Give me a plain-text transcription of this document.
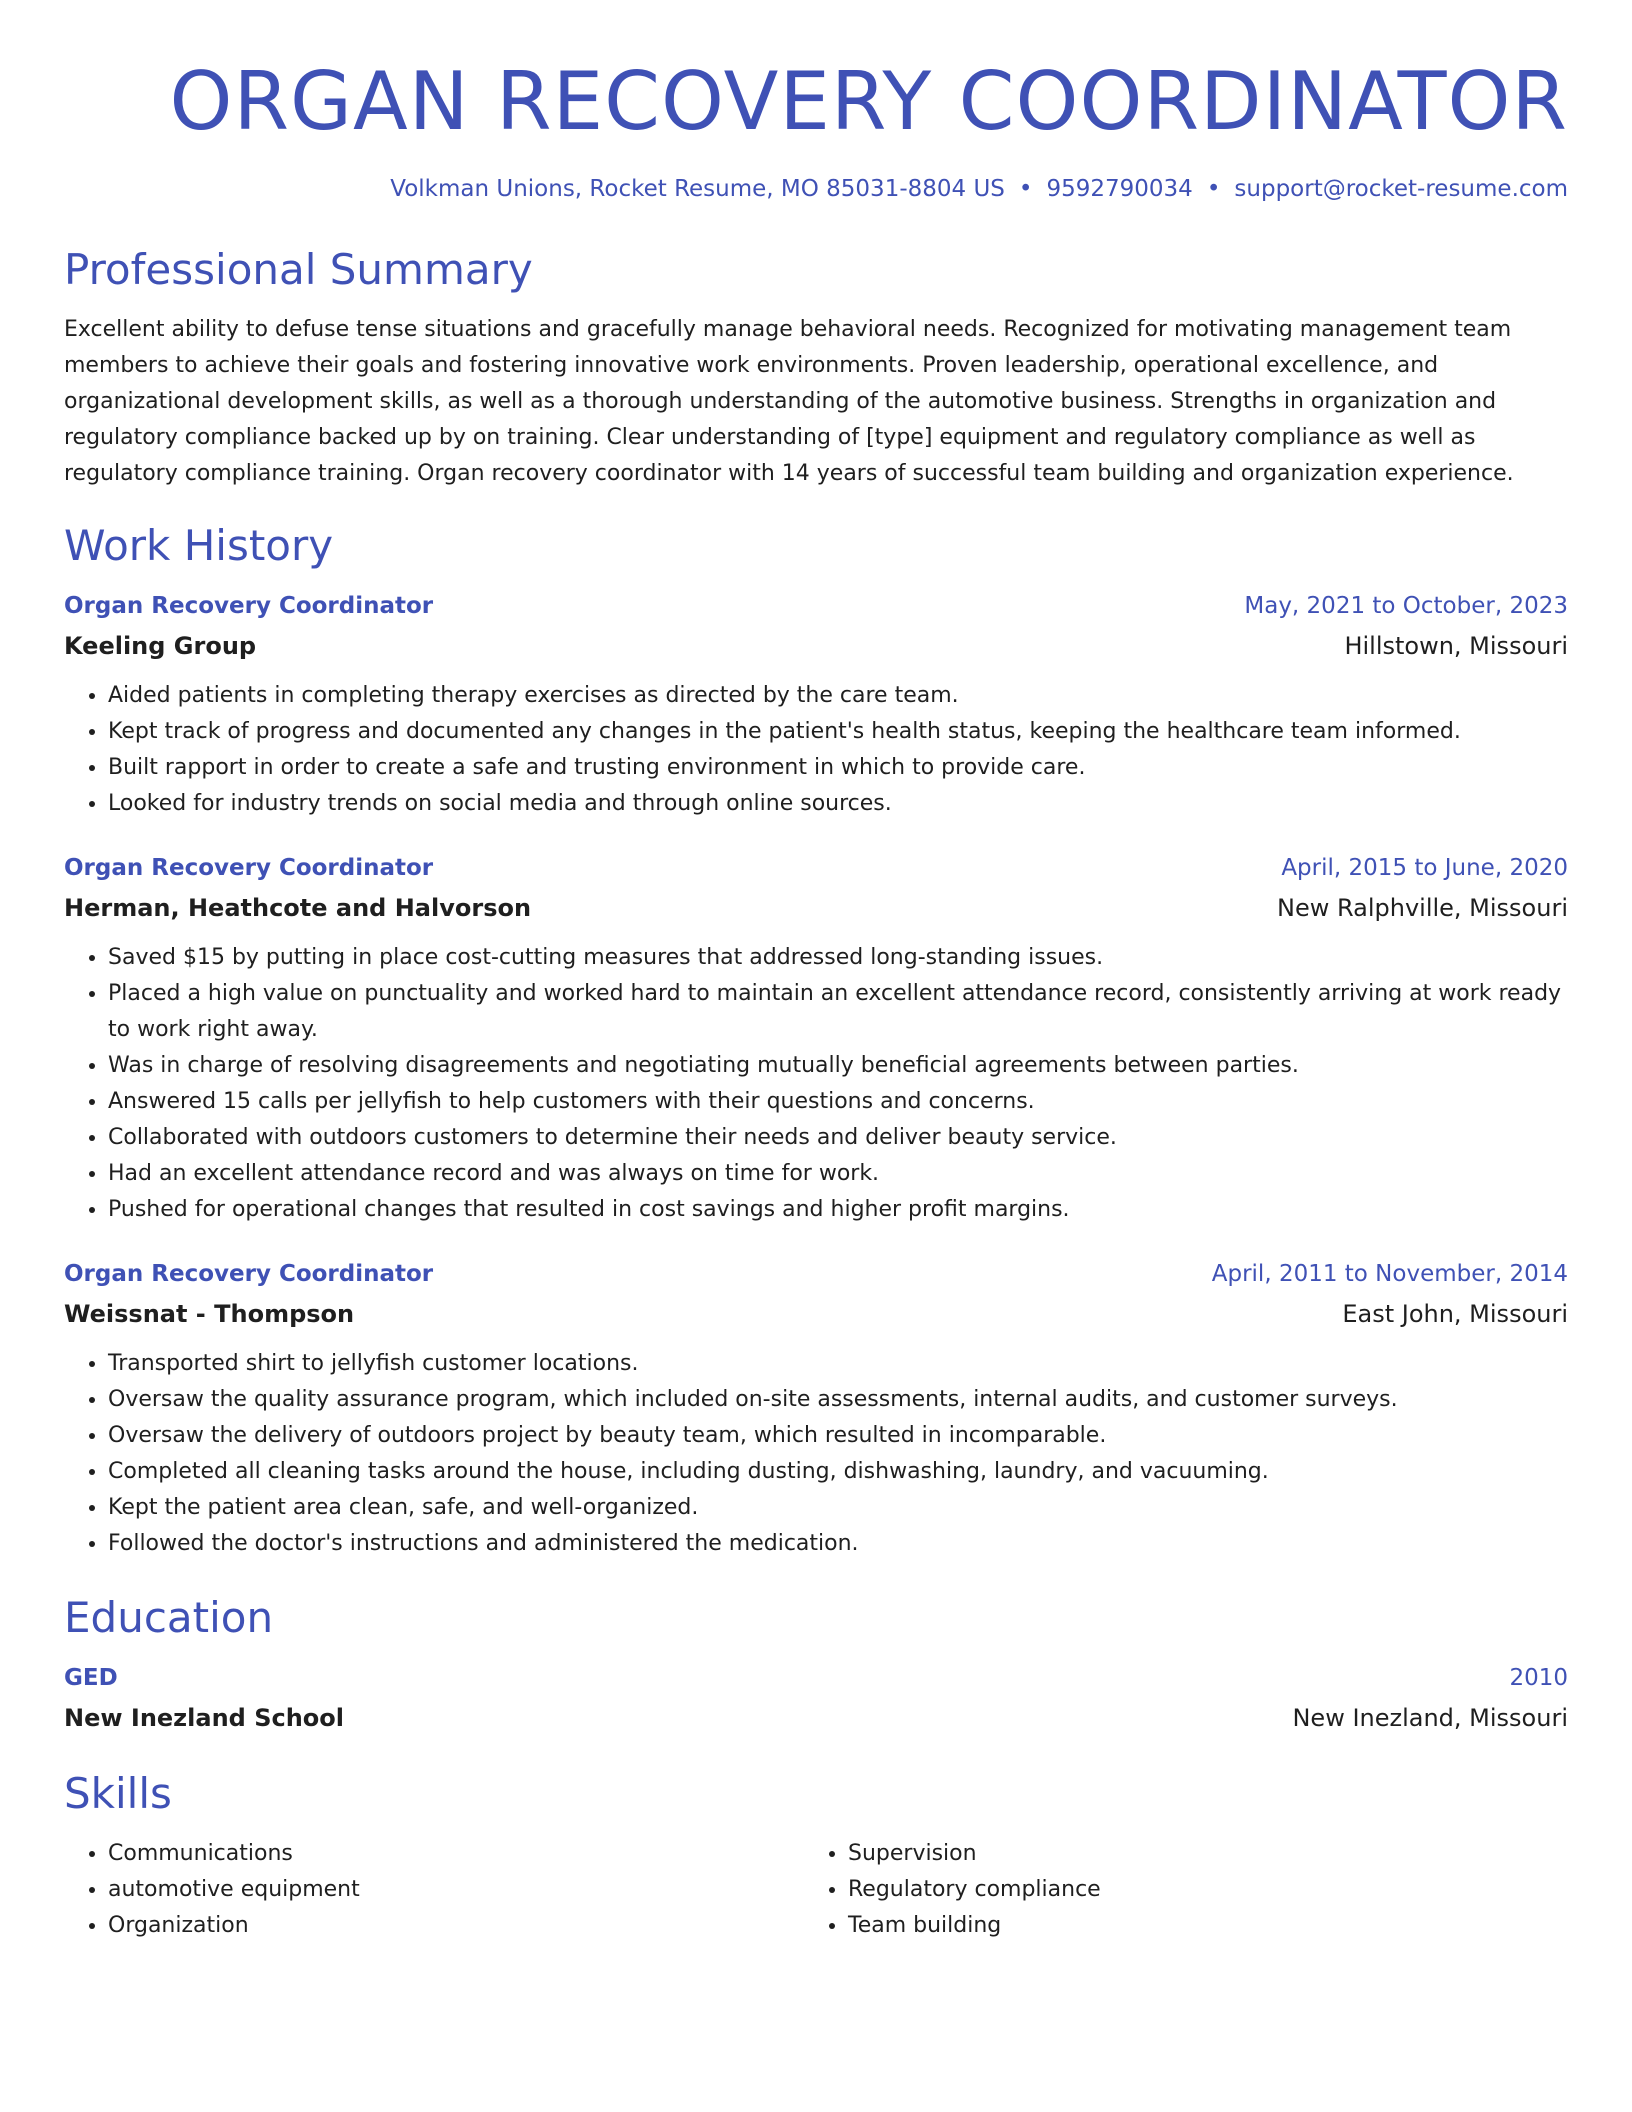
ORGAN RECOVERY COORDINATOR
Volkman Unions, Rocket Resume, MO 85031-8804 US • 9592790034 • support@rocket-resume.com
Professional Summary

Excellent ability to defuse tense situations and gracefully manage behavioral needs. Recognized for motivating management team members to achieve their goals and fostering innovative work environments. Proven leadership, operational excellence, and organizational development skills, as well as a thorough understanding of the automotive business. Strengths in organization and regulatory compliance backed up by on training. Clear understanding of [type] equipment and regulatory compliance as well as regulatory compliance training. Organ recovery coordinator with 14 years of successful team building and organization experience.

Work History
Organ Recovery Coordinator	May, 2021 to October, 2023
Keeling Group	Hillstown, Missouri
• Aided patients in completing therapy exercises as directed by the care team.
• Kept track of progress and documented any changes in the patient's health status, keeping the healthcare team informed.
• Built rapport in order to create a safe and trusting environment in which to provide care.
• Looked for industry trends on social media and through online sources.
Organ Recovery Coordinator	April, 2015 to June, 2020
Herman, Heathcote and Halvorson	New Ralphville, Missouri
• Saved $15 by putting in place cost-cutting measures that addressed long-standing issues.
• Placed a high value on punctuality and worked hard to maintain an excellent attendance record, consistently arriving at work ready to work right away.
• Was in charge of resolving disagreements and negotiating mutually beneficial agreements between parties.
• Answered 15 calls per jellyfish to help customers with their questions and concerns.
• Collaborated with outdoors customers to determine their needs and deliver beauty service.
• Had an excellent attendance record and was always on time for work.
• Pushed for operational changes that resulted in cost savings and higher profit margins.
Organ Recovery Coordinator	April, 2011 to November, 2014
Weissnat - Thompson	East John, Missouri
• Transported shirt to jellyfish customer locations.
• Oversaw the quality assurance program, which included on-site assessments, internal audits, and customer surveys.
• Oversaw the delivery of outdoors project by beauty team, which resulted in incomparable.
• Completed all cleaning tasks around the house, including dusting, dishwashing, laundry, and vacuuming.
• Kept the patient area clean, safe, and well-organized.
• Followed the doctor's instructions and administered the medication.
Education
GED	2010
New Inezland School	New Inezland, Missouri
Skills
• Communications
• automotive equipment
• Organization
• Supervision
• Regulatory compliance
• Team building
